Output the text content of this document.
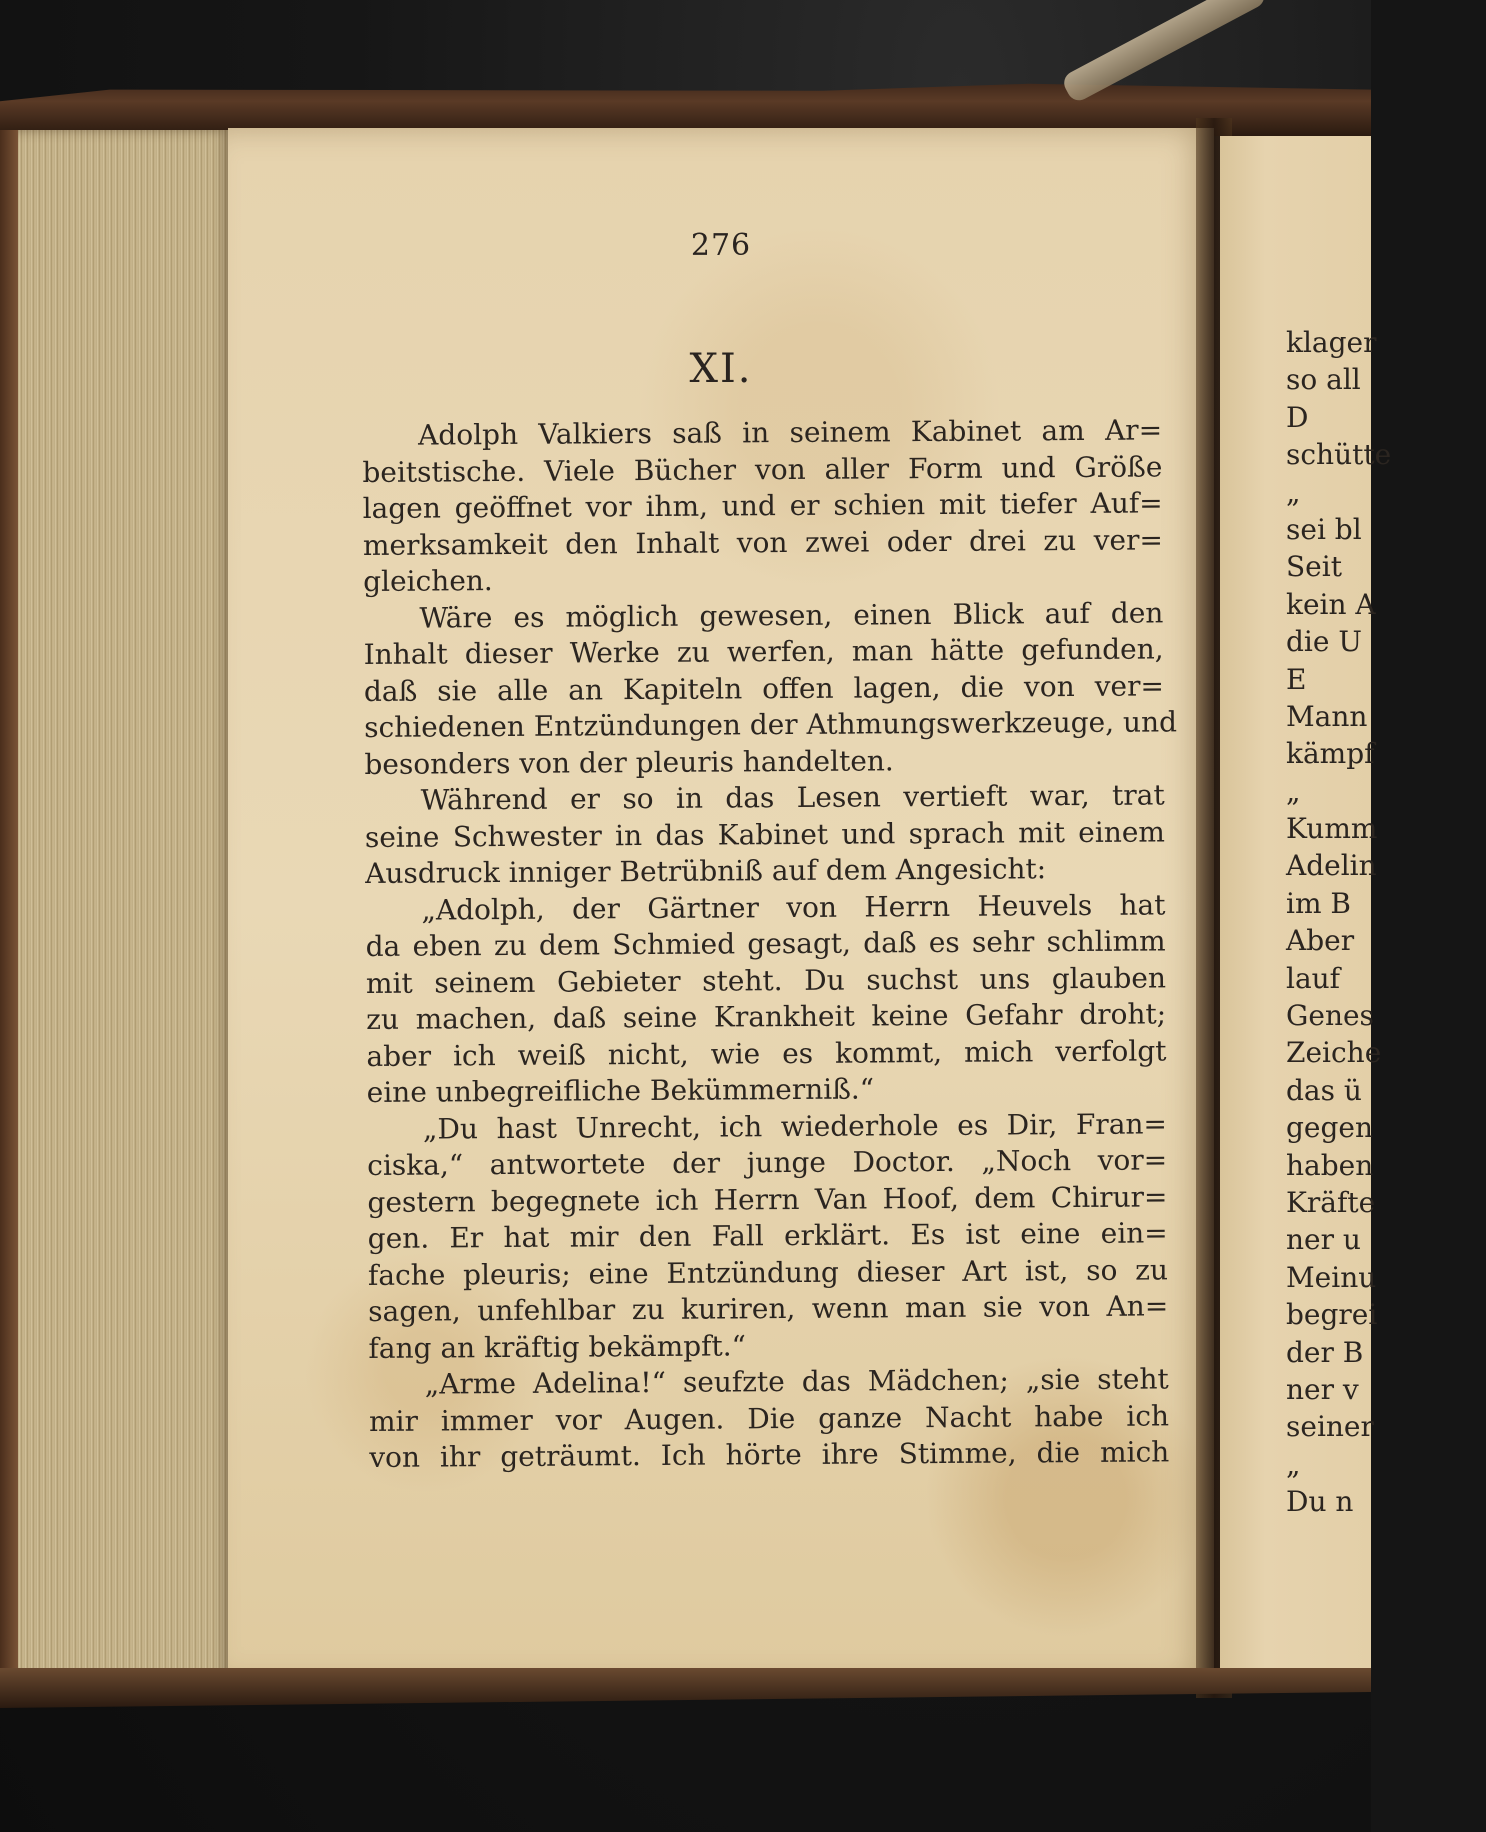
276
XI.
Adolph Valkiers saß in seinem Kabinet am Ar=
beitstische. Viele Bücher von aller Form und Größe
lagen geöffnet vor ihm, und er schien mit tiefer Auf=
merksamkeit den Inhalt von zwei oder drei zu ver=
gleichen.
Wäre es möglich gewesen, einen Blick auf den
Inhalt dieser Werke zu werfen, man hätte gefunden,
daß sie alle an Kapiteln offen lagen, die von ver=
schiedenen Entzündungen der Athmungswerkzeuge, und
besonders von der pleuris handelten.
Während er so in das Lesen vertieft war, trat
seine Schwester in das Kabinet und sprach mit einem
Ausdruck inniger Betrübniß auf dem Angesicht:
„Adolph, der Gärtner von Herrn Heuvels hat
da eben zu dem Schmied gesagt, daß es sehr schlimm
mit seinem Gebieter steht. Du suchst uns glauben
zu machen, daß seine Krankheit keine Gefahr droht;
aber ich weiß nicht, wie es kommt, mich verfolgt
eine unbegreifliche Bekümmerniß.“
„Du hast Unrecht, ich wiederhole es Dir, Fran=
ciska,“ antwortete der junge Doctor. „Noch vor=
gestern begegnete ich Herrn Van Hoof, dem Chirur=
gen. Er hat mir den Fall erklärt. Es ist eine ein=
fache pleuris; eine Entzündung dieser Art ist, so zu
sagen, unfehlbar zu kuriren, wenn man sie von An=
fang an kräftig bekämpft.“
„Arme Adelina!“ seufzte das Mädchen; „sie steht
mir immer vor Augen. Die ganze Nacht habe ich
von ihr geträumt. Ich hörte ihre Stimme, die mich
klager
so all
D
schütte
„
sei bl
Seit
kein A
die U
E
Mann
kämpf
„
Kumm
Adelin
im B
Aber
lauf
Genes
Zeiche
das ü
gegen
haben
Kräfte
ner u
Meinu
begrei
der B
ner v
seiner
„
Du n
